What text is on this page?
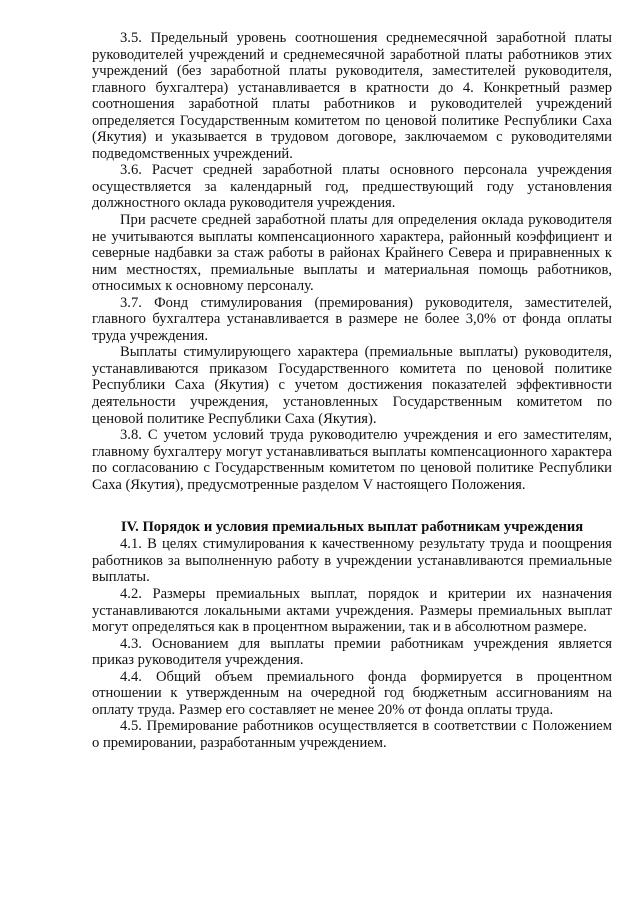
3.5. Предельный уровень соотношения среднемесячной заработной платы руководителей учреждений и среднемесячной заработной платы работников этих учреждений (без заработной платы руководителя, заместителей руководителя, главного бухгалтера) устанавливается в кратности до 4. Конкретный размер соотношения заработной платы работников и руководителей учреждений определяется Государственным комитетом по ценовой политике Республики Саха (Якутия) и указывается в трудовом договоре, заключаемом с руководителями подведомственных учреждений.

3.6. Расчет средней заработной платы основного персонала учреждения осуществляется за календарный год, предшествующий году установления должностного оклада руководителя учреждения.

При расчете средней заработной платы для определения оклада руководителя не учитываются выплаты компенсационного характера, районный коэффициент и северные надбавки за стаж работы в районах Крайнего Севера и приравненных к ним местностях, премиальные выплаты и материальная помощь работников, относимых к основному персоналу.

3.7. Фонд стимулирования (премирования) руководителя, заместителей, главного бухгалтера устанавливается в размере не более 3,0% от фонда оплаты труда учреждения.

Выплаты стимулирующего характера (премиальные выплаты) руководителя, устанавливаются приказом Государственного комитета по ценовой политике Республики Саха (Якутия) с учетом достижения показателей эффективности деятельности учреждения, установленных Государственным комитетом по ценовой политике Республики Саха (Якутия).

3.8. С учетом условий труда руководителю учреждения и его заместителям, главному бухгалтеру могут устанавливаться выплаты компенсационного характера по согласованию с Государственным комитетом по ценовой политике Республики Саха (Якутия), предусмотренные разделом V настоящего Положения.

IV. Порядок и условия премиальных выплат работникам учреждения

4.1. В целях стимулирования к качественному результату труда и поощрения работников за выполненную работу в учреждении устанавливаются премиальные выплаты.

4.2. Размеры премиальных выплат, порядок и критерии их назначения устанавливаются локальными актами учреждения. Размеры премиальных выплат могут определяться как в процентном выражении, так и в абсолютном размере.

4.3. Основанием для выплаты премии работникам учреждения является приказ руководителя учреждения.

4.4. Общий объем премиального фонда формируется в процентном отношении к утвержденным на очередной год бюджетным ассигнованиям на оплату труда. Размер его составляет не менее 20% от фонда оплаты труда.

4.5. Премирование работников осуществляется в соответствии с Положением о премировании, разработанным учреждением.
